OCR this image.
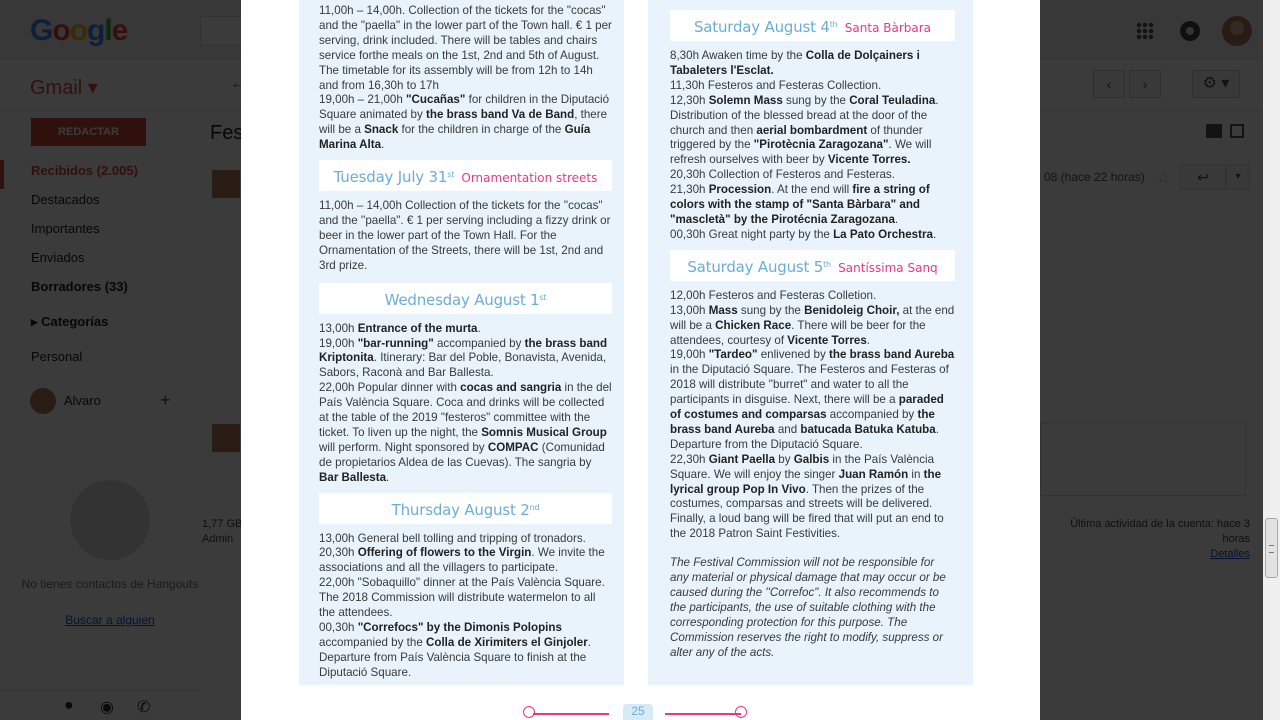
11,00h – 14,00h. Collection of the tickets for the "cocas" and the "paella" in the lower part of the Town hall. € 1 per serving, drink included. There will be tables and chairs service forthe meals on the 1st, 2nd and 5th of August. The timetable for its assembly will be from 12h to 14h and from 16,30h to 17h

19,00h – 21,00h "Cucañas" for children in the Diputació Square animated by the brass band Va de Band, there will be a Snack for the children in charge of the Guía Marina Alta.

Tuesday July 31st Ornamentation streets

11,00h – 14,00h Collection of the tickets for the ''cocas" and the ''paella". € 1 per serving including a fizzy drink or beer in the lower part of the Town Hall. For the Ornamentation of the Streets, there will be 1st, 2nd and 3rd prize.

Wednesday August 1st

13,00h Entrance of the murta.

19,00h "bar-running" accompanied by the brass band Kriptonita. Itinerary: Bar del Poble, Bonavista, Avenida, Sabors, Raconà and Bar Ballesta.

22,00h Popular dinner with cocas and sangria in the del País València Square. Coca and drinks will be collected at the table of the 2019 "festeros" committee with the ticket. To liven up the night, the Somnis Musical Group will perform. Night sponsored by COMPAC (Comunidad de propietarios Aldea de las Cuevas). The sangria by Bar Ballesta.

Thursday August 2nd

13,00h General bell tolling and tripping of tronadors.

20,30h Offering of flowers to the Virgin. We invite the associations and all the villagers to participate.

22,00h "Sobaquillo" dinner at the País València Square. The 2018 Commission will distribute watermelon to all the attendees.

00,30h "Correfocs" by the Dimonis Polopins accompanied by the Colla de Xirimiters el Ginjoler. Departure from País València Square to finish at the Diputació Square.

Saturday August 4th Santa Bàrbara

8,30h Awaken time by the Colla de Dolçainers i Tabaleters l'Esclat.

11,30h Festeros and Festeras Collection.

12,30h Solemn Mass sung by the Coral Teuladina. Distribution of the blessed bread at the door of the church and then aerial bombardment of thunder triggered by the "Pirotècnia Zaragozana". We will refresh ourselves with beer by Vicente Torres.

20,30h Collection of Festeros and Festeras.

21,30h Procession. At the end will fire a string of colors with the stamp of "Santa Bàrbara" and "mascletà" by the Pirotécnia Zaragozana.

00,30h Great night party by the La Pato Orchestra.

Saturday August 5th Santíssima Sanq

12,00h Festeros and Festeras Colletion.

13,00h Mass sung by the Benidoleig Choir, at the end will be a Chicken Race. There will be beer for the attendees, courtesy of Vicente Torres.

19,00h "Tardeo" enlivened by the brass band Aureba in the Diputació Square. The Festeros and Festeras of 2018 will distribute ''burret" and water to all the participants in disguise. Next, there will be a paraded of costumes and comparsas accompanied by the brass band Aureba and batucada Batuka Katuba. Departure from the Diputació Square.

22,30h Giant Paella by Galbis in the País València Square. We will enjoy the singer Juan Ramón in the lyrical group Pop In Vivo. Then the prizes of the costumes, comparsas and streets will be delivered. Finally, a loud bang will be fired that will put an end to the 2018 Patron Saint Festivities.

The Festival Commission will not be responsible for any material or physical damage that may occur or be caused during the ''Correfoc". It also recommends to the participants, the use of suitable clothing with the corresponding protection for this purpose. The Commission reserves the right to modify, suppress or alter any of the acts.

25
